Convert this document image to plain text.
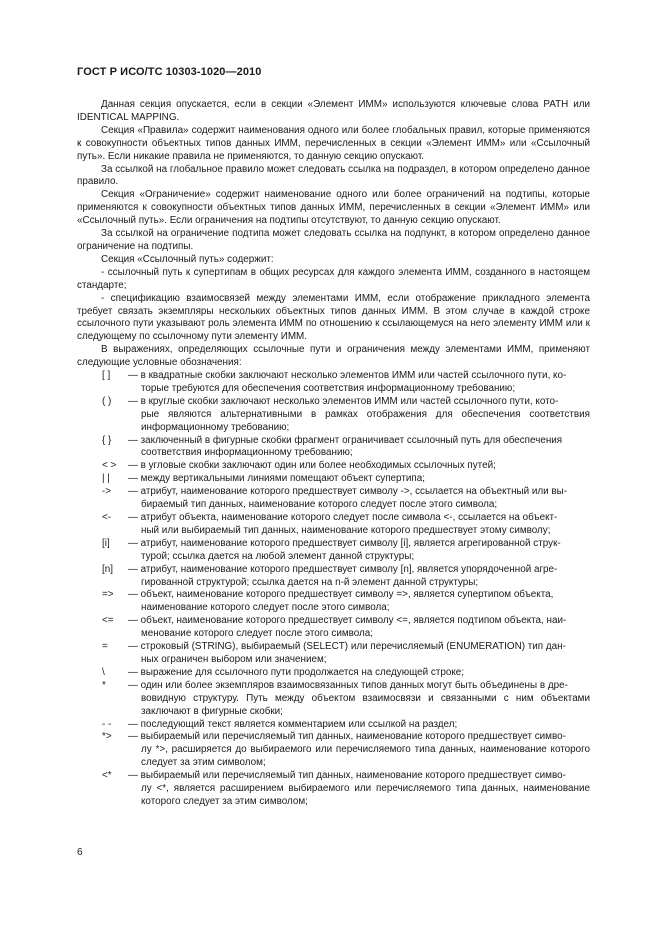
ГОСТ Р ИСО/ТС 10303-1020—2010

Данная секция опускается, если в секции «Элемент ИММ» используются ключевые слова PATH или IDENTICAL MAPPING.

Секция «Правила» содержит наименования одного или более глобальных правил, которые применяются к совокупности объектных типов данных ИММ, перечисленных в секции «Элемент ИММ» или «Ссылочный путь». Если никакие правила не применяются, то данную секцию опускают.

За ссылкой на глобальное правило может следовать ссылка на подраздел, в котором определено данное правило.

Секция «Ограничение» содержит наименование одного или более ограничений на подтипы, которые применяются к совокупности объектных типов данных ИММ, перечисленных в секции «Элемент ИММ» или «Ссылочный путь». Если ограничения на подтипы отсутствуют, то данную секцию опускают.

За ссылкой на ограничение подтипа может следовать ссылка на подпункт, в котором определено данное ограничение на подтипы.

Секция «Ссылочный путь» содержит:

- ссылочный путь к супертипам в общих ресурсах для каждого элемента ИММ, созданного в настоящем стандарте;

- спецификацию взаимосвязей между элементами ИММ, если отображение прикладного элемента требует связать экземпляры нескольких объектных типов данных ИММ. В этом случае в каждой строке ссылочного пути указывают роль элемента ИММ по отношению к ссылающемуся на него элементу ИММ или к следующему по ссылочному пути элементу ИММ.

В выражениях, определяющих ссылочные пути и ограничения между элементами ИММ, применяют следующие условные обозначения:

[ ]	— в квадратные скобки заключают несколько элементов ИММ или частей ссылочного пути, ко-
торые требуются для обеспечения соответствия информационному требованию;
( )	— в круглые скобки заключают несколько элементов ИММ или частей ссылочного пути, кото-
рые являются альтернативными в рамках отображения для обеспечения соответствия информационному требованию;
{ }	— заключенный в фигурные скобки фрагмент ограничивает ссылочный путь для обеспечения
соответствия информационному требованию;
< >	— в угловые скобки заключают один или более необходимых ссылочных путей;
| |	— между вертикальными линиями помещают объект супертипа;
->	— атрибут, наименование которого предшествует символу ->, ссылается на объектный или вы-
бираемый тип данных, наименование которого следует после этого символа;
<-	— атрибут объекта, наименование которого следует после символа <-, ссылается на объект-
ный или выбираемый тип данных, наименование которого предшествует этому символу;
[i]	— атрибут, наименование которого предшествует символу [i], является агрегированной струк-
турой; ссылка дается на любой элемент данной структуры;
[n]	— атрибут, наименование которого предшествует символу [n], является упорядоченной агре-
гированной структурой; ссылка дается на n-й элемент данной структуры;
=>	— объект, наименование которого предшествует символу =>, является супертипом объекта,
наименование которого следует после этого символа;
<=	— объект, наименование которого предшествует символу <=, является подтипом объекта, наи-
менование которого следует после этого символа;
=	— строковый (STRING), выбираемый (SELECT) или перечисляемый (ENUMERATION) тип дан-
ных ограничен выбором или значением;
\	— выражение для ссылочного пути продолжается на следующей строке;
*	— один или более экземпляров взаимосвязанных типов данных могут быть объединены в дре-
вовидную структуру. Путь между объектом взаимосвязи и связанными с ним объектами заключают в фигурные скобки;
- -	— последующий текст является комментарием или ссылкой на раздел;
*>	— выбираемый или перечисляемый тип данных, наименование которого предшествует симво-
лу *>, расширяется до выбираемого или перечисляемого типа данных, наименование которого следует за этим символом;
<*	— выбираемый или перечисляемый тип данных, наименование которого предшествует симво-
лу <*, является расширением выбираемого или перечисляемого типа данных, наименование которого следует за этим символом;
6
